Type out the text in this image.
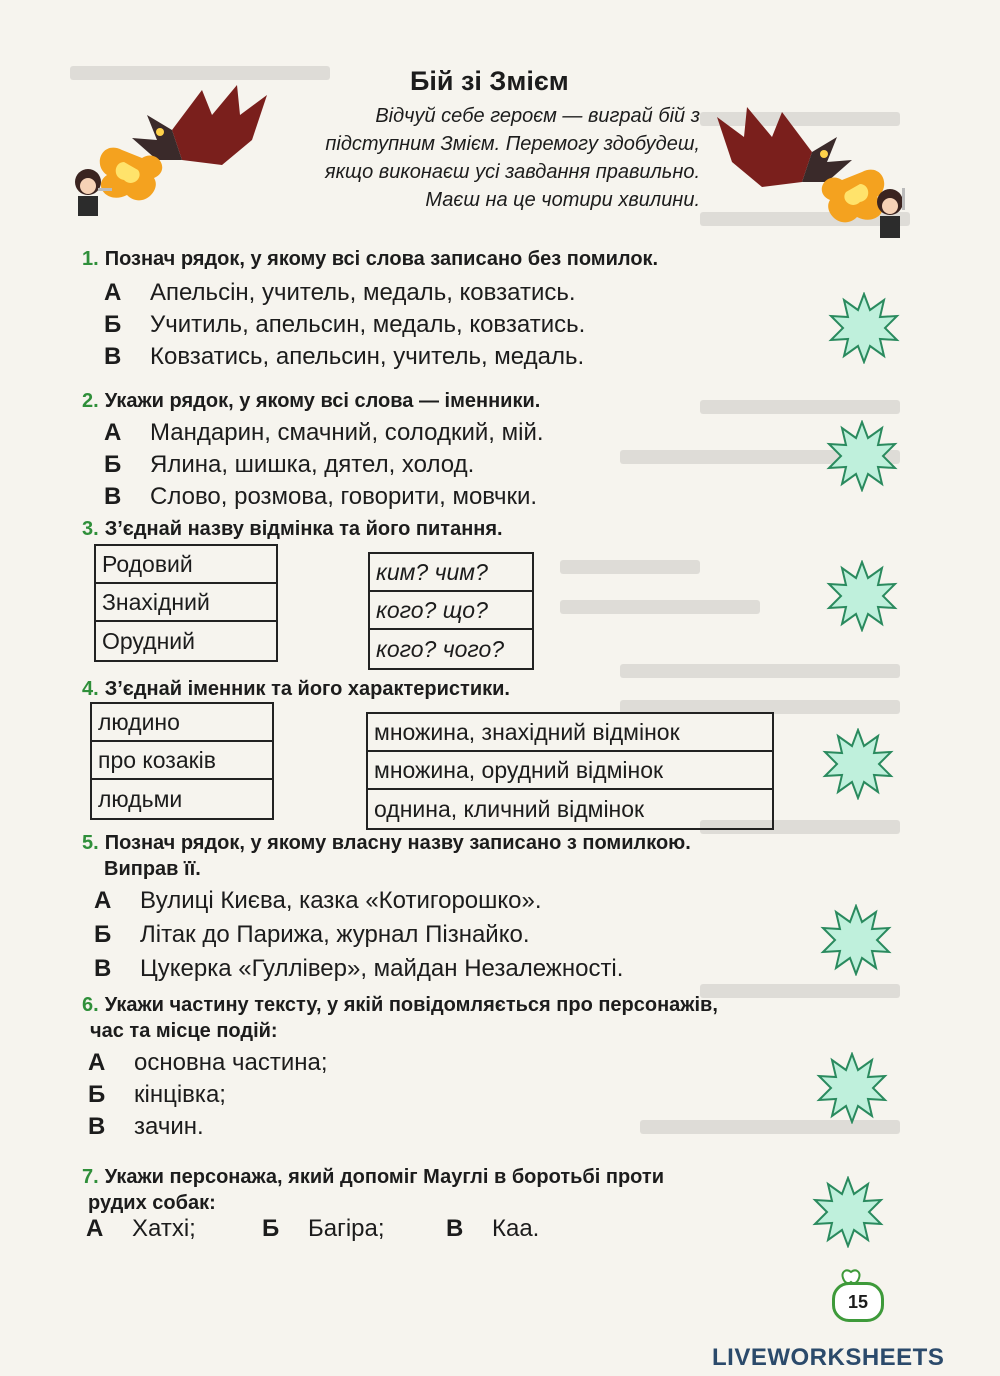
Бій зі Змієм
Відчуй себе героєм — виграй бій з підступним Змієм. Перемогу здобудеш, якщо виконаєш усі завдання правильно. Маєш на це чотири хвилини.
1. Познач рядок, у якому всі слова записано без помилок.
А Апельсін, учитель, медаль, ковзатись.
Б Учитиль, апельсин, медаль, ковзатись.
В Ковзатись, апельсин, учитель, медаль.
2. Укажи рядок, у якому всі слова — іменники.
А Мандарин, смачний, солодкий, мій.
Б Ялина, шишка, дятел, холод.
В Слово, розмова, говорити, мовчки.
3. З’єднай назву відмінка та його питання.
Родовий
Знахідний
Орудний
ким? чим?
кого? що?
кого? чого?
4. З’єднай іменник та його характеристики.
людино
про козаків
людьми
множина, знахідний відмінок
множина, орудний відмінок
однина, кличний відмінок
5. Познач рядок, у якому власну назву записано з помилкою.
Виправ її.
А Вулиці Києва, казка «Котигорошко».
Б Літак до Парижа, журнал Пізнайко.
В Цукерка «Гуллівер», майдан Незалежності.
6. Укажи частину тексту, у якій повідомляється про персонажів,
час та місце подій:
А основна частина;
Б кінцівка;
В зачин.
7. Укажи персонажа, який допоміг Мауглі в боротьбі проти
рудих собак:
А Хатхі;	Б Багіра;	В Каа.
15
LIVEWORKSHEETS
